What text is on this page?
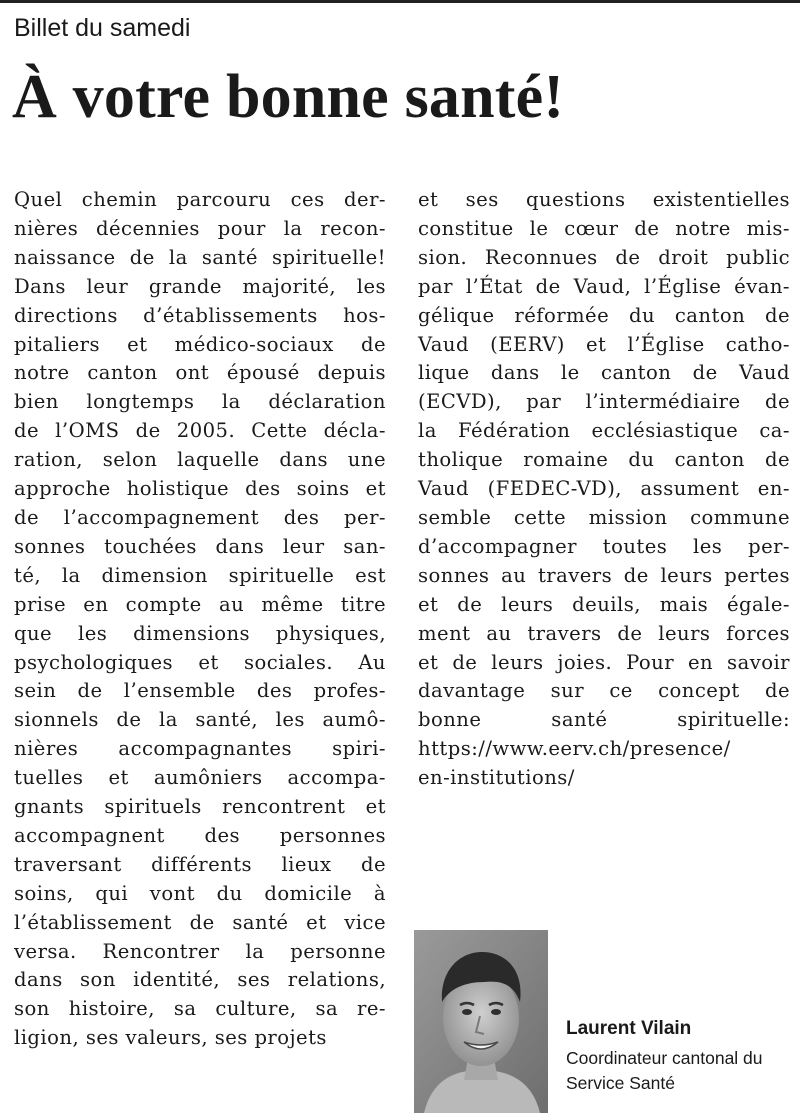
Billet du samedi
À votre bonne santé!

Quel chemin parcouru ces der-
nières décennies pour la recon-
naissance de la santé spirituelle!
Dans leur grande majorité, les
directions d’établissements hos-
pitaliers et médico-sociaux de
notre canton ont épousé depuis
bien longtemps la déclaration
de l’OMS de 2005. Cette décla-
ration, selon laquelle dans une
approche holistique des soins et
de l’accompagnement des per-
sonnes touchées dans leur san-
té, la dimension spirituelle est
prise en compte au même titre
que les dimensions physiques,
psychologiques et sociales. Au
sein de l’ensemble des profes-
sionnels de la santé, les aumô-
nières accompagnantes spiri-
tuelles et aumôniers accompa-
gnants spirituels rencontrent et
accompagnent des personnes
traversant différents lieux de
soins, qui vont du domicile à
l’établissement de santé et vice
versa. Rencontrer la personne
dans son identité, ses relations,
son histoire, sa culture, sa re-
ligion, ses valeurs, ses projets

et ses questions existentielles
constitue le cœur de notre mis-
sion. Reconnues de droit public
par l’État de Vaud, l’Église évan-
gélique réformée du canton de
Vaud (EERV) et l’Église catho-
lique dans le canton de Vaud
(ECVD), par l’intermédiaire de
la Fédération ecclésiastique ca-
tholique romaine du canton de
Vaud (FEDEC-VD), assument en-
semble cette mission commune
d’accompagner toutes les per-
sonnes au travers de leurs pertes
et de leurs deuils, mais égale-
ment au travers de leurs forces
et de leurs joies. Pour en savoir
davantage sur ce concept de
bonne santé spirituelle:
https://www.eerv.ch/presence/
en-institutions/

Laurent Vilain
Coordinateur cantonal du
Service Santé
